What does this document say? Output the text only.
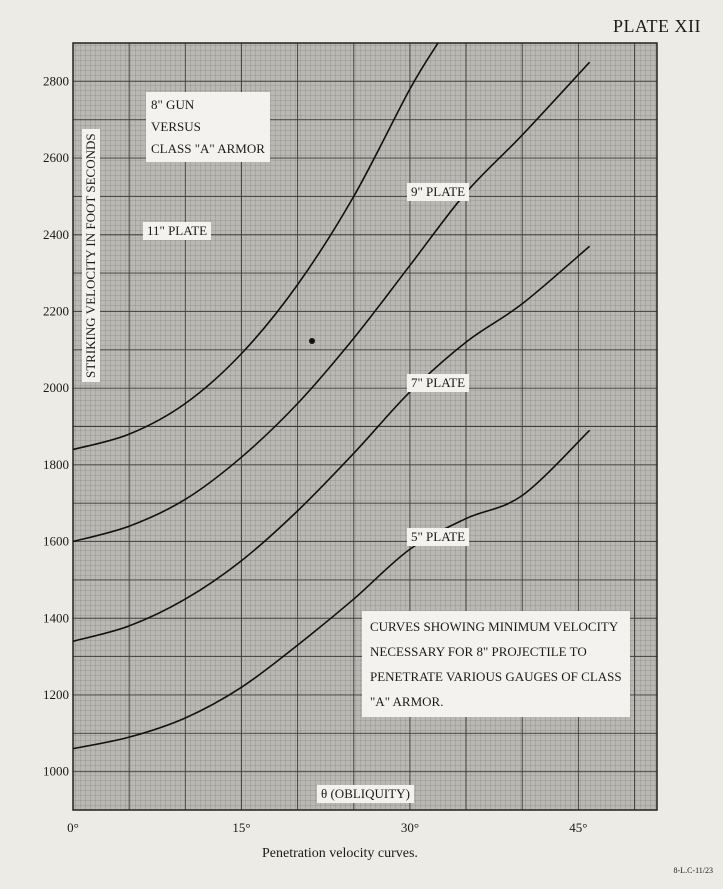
1000
1200
1400
1600
1800
2000
2200
2400
2600
2800
0°	15°	30°	45°
PLATE XII
STRIKING VELOCITY IN FOOT SECONDS
θ (OBLIQUITY)
8" GUN
VERSUS
CLASS "A" ARMOR
CURVES SHOWING MINIMUM VELOCITY
NECESSARY FOR 8" PROJECTILE TO
PENETRATE VARIOUS GAUGES OF CLASS
"A" ARMOR.
11" PLATE
9" PLATE
7" PLATE
5" PLATE
Penetration velocity curves.
8-L.C-11/23
